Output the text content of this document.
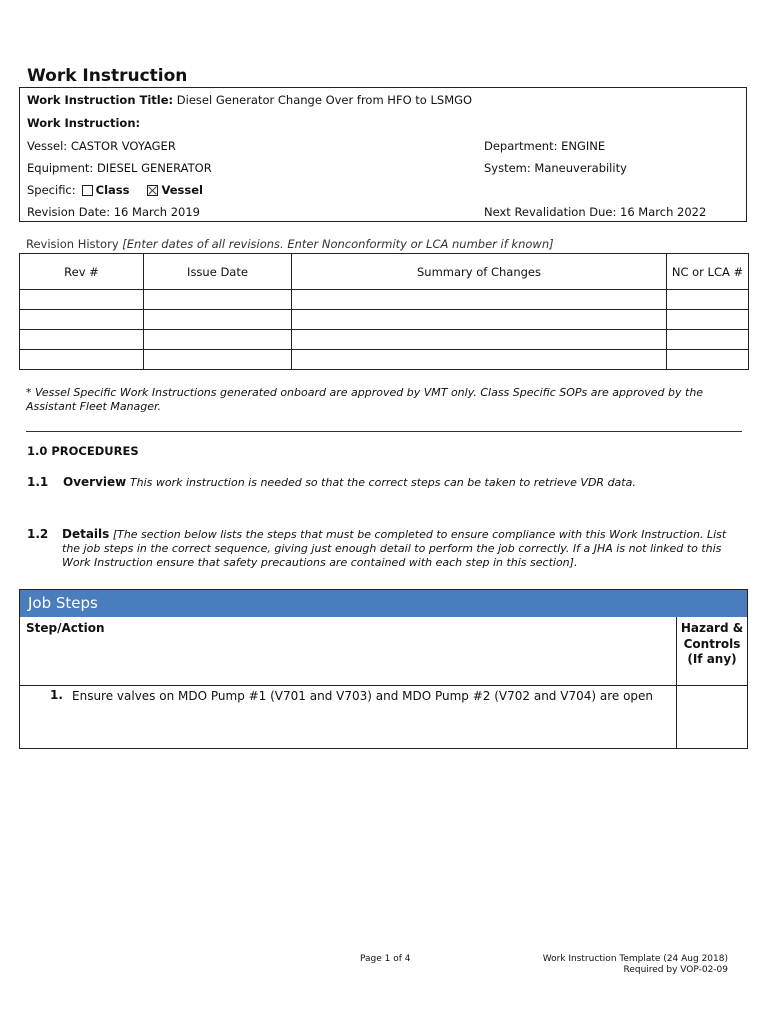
Work Instruction
Work Instruction Title: Diesel Generator Change Over from HFO to LSMGO
Work Instruction:
Vessel: CASTOR VOYAGER	Department: ENGINE
Equipment: DIESEL GENERATOR	System: Maneuverability
Specific: Class	Vessel
Revision Date: 16 March 2019	Next Revalidation Due: 16 March 2022
Revision History [Enter dates of all revisions. Enter Nonconformity or LCA number if known]
Rev #	Issue Date	Summary of Changes	NC or LCA #

* Vessel Specific Work Instructions generated onboard are approved by VMT only. Class Specific SOPs are approved by the Assistant Fleet Manager.
1.0 PROCEDURES
1.1 Overview This work instruction is needed so that the correct steps can be taken to retrieve VDR data.
1.2 Details [The section below lists the steps that must be completed to ensure compliance with this Work Instruction. List the job steps in the correct sequence, giving just enough detail to perform the job correctly. If a JHA is not linked to this Work Instruction ensure that safety precautions are contained with each step in this section].
Job Steps
Step/Action	Hazard & Controls (If any)
1. Ensure valves on MDO Pump #1 (V701 and V703) and MDO Pump #2 (V702 and V704) are open
Page 1 of 4	Work Instruction Template (24 Aug 2018)
Required by VOP-02-09
